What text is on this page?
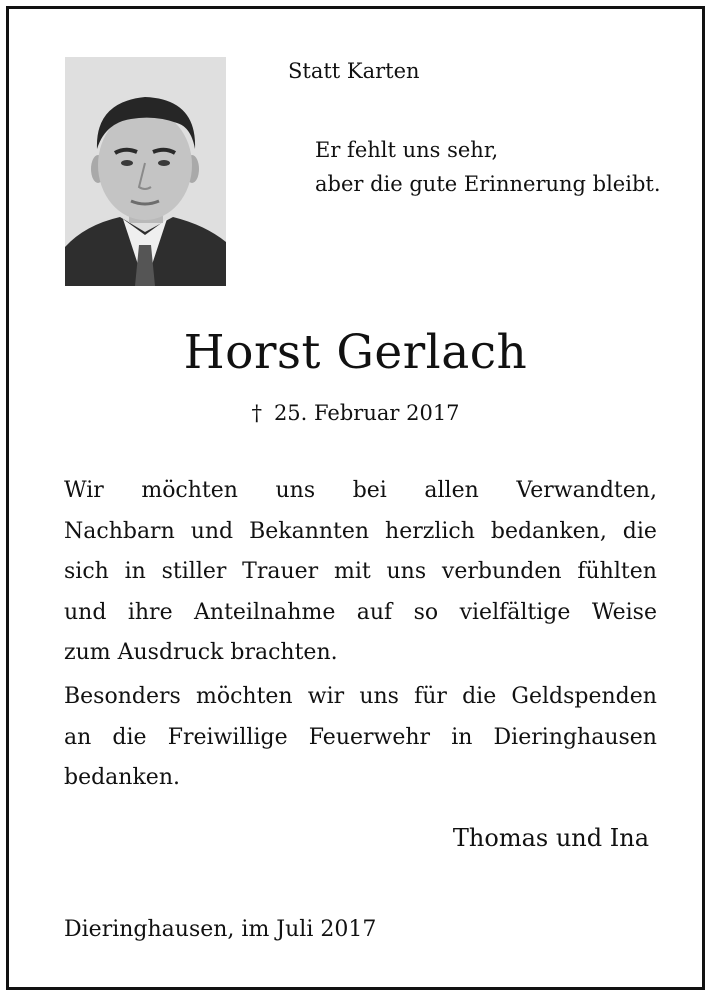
Statt Karten
Er fehlt uns sehr,
aber die gute Erinnerung bleibt.
Horst Gerlach
† 25. Februar 2017
Wir möchten uns bei allen Verwandten,
Nachbarn und Bekannten herzlich bedanken, die
sich in stiller Trauer mit uns verbunden fühlten
und ihre Anteilnahme auf so vielfältige Weise
zum Ausdruck brachten.
Besonders möchten wir uns für die Geldspenden
an die Freiwillige Feuerwehr in Dieringhausen
bedanken.
Thomas und Ina
Dieringhausen, im Juli 2017
